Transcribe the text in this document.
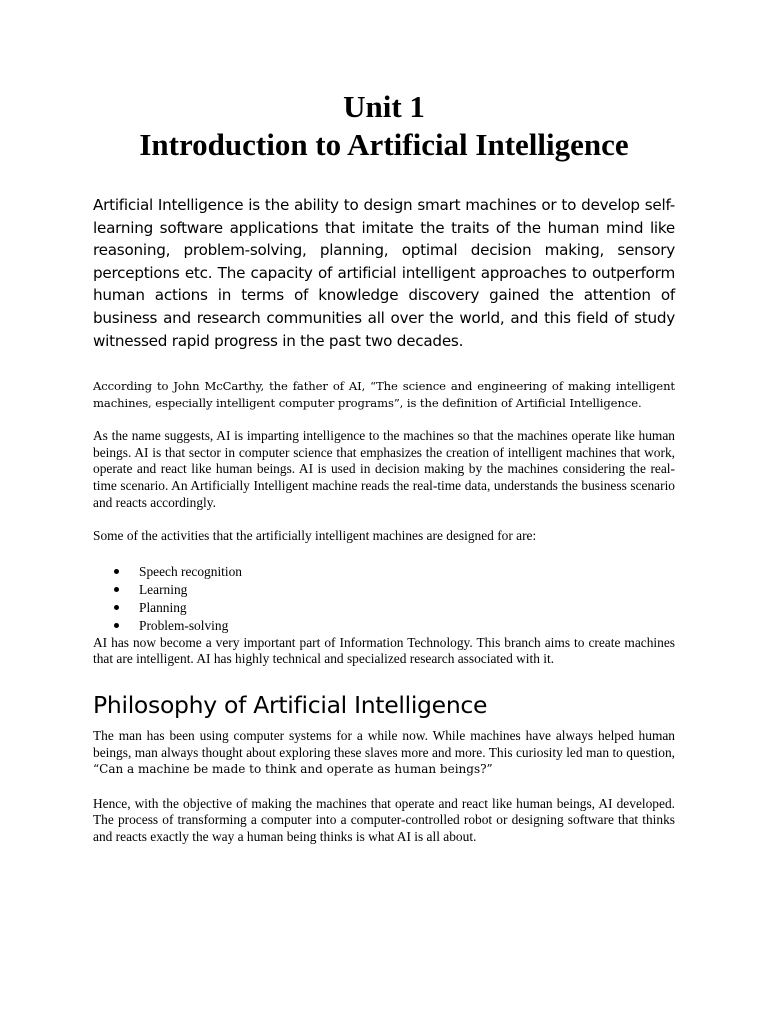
Unit 1
Introduction to Artificial Intelligence

Artificial Intelligence is the ability to design smart machines or to develop self-learning software applications that imitate the traits of the human mind like reasoning, problem-solving, planning, optimal decision making, sensory perceptions etc. The capacity of artificial intelligent approaches to outperform human actions in terms of knowledge discovery gained the attention of business and research communities all over the world, and this field of study witnessed rapid progress in the past two decades.

According to John McCarthy, the father of AI, “The science and engineering of making intelligent machines, especially intelligent computer programs”, is the definition of Artificial Intelligence.

As the name suggests, AI is imparting intelligence to the machines so that the machines operate like human beings. AI is that sector in computer science that emphasizes the creation of intelligent machines that work, operate and react like human beings. AI is used in decision making by the machines considering the real-time scenario. An Artificially Intelligent machine reads the real-time data, understands the business scenario and reacts accordingly.

Some of the activities that the artificially intelligent machines are designed for are:

Speech recognition
Learning
Planning
Problem-solving

AI has now become a very important part of Information Technology. This branch aims to create machines that are intelligent. AI has highly technical and specialized research associated with it.

Philosophy of Artificial Intelligence

The man has been using computer systems for a while now. While machines have always helped human beings, man always thought about exploring these slaves more and more. This curiosity led man to question, “Can a machine be made to think and operate as human beings?”

Hence, with the objective of making the machines that operate and react like human beings, AI developed. The process of transforming a computer into a computer-controlled robot or designing software that thinks and reacts exactly the way a human being thinks is what AI is all about.
